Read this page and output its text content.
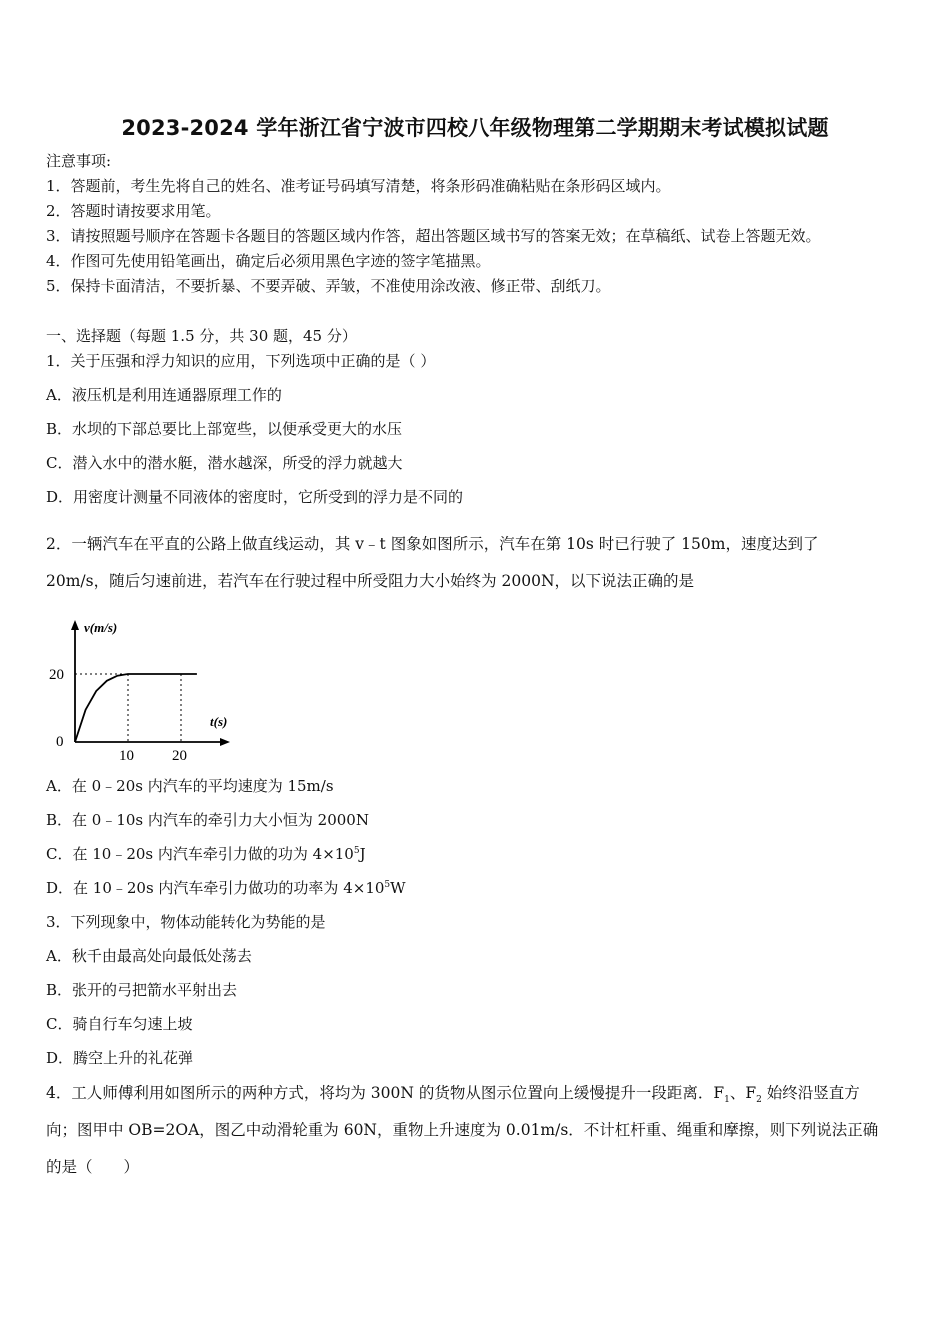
2023-2024 学年浙江省宁波市四校八年级物理第二学期期末考试模拟试题
注意事项:
1．答题前，考生先将自己的姓名、准考证号码填写清楚，将条形码准确粘贴在条形码区域内。
2．答题时请按要求用笔。
3．请按照题号顺序在答题卡各题目的答题区域内作答，超出答题区域书写的答案无效；在草稿纸、试卷上答题无效。
4．作图可先使用铅笔画出，确定后必须用黑色字迹的签字笔描黑。
5．保持卡面清洁，不要折暴、不要弄破、弄皱，不准使用涂改液、修正带、刮纸刀。
一、选择题（每题 1.5 分，共 30 题，45 分）
1．关于压强和浮力知识的应用，下列选项中正确的是（ ）
A．液压机是利用连通器原理工作的
B．水坝的下部总要比上部宽些，以便承受更大的水压
C．潜入水中的潜水艇，潜水越深，所受的浮力就越大
D．用密度计测量不同液体的密度时，它所受到的浮力是不同的
2．一辆汽车在平直的公路上做直线运动，其 v﹣t 图象如图所示，汽车在第 10s 时已行驶了 150m，速度达到了
20m/s，随后匀速前进，若汽车在行驶过程中所受阻力大小始终为 2000N，以下说法正确的是
v(m/s)
t(s)
0
10	20
20
A．在 0﹣20s 内汽车的平均速度为 15m/s
B．在 0﹣10s 内汽车的牵引力大小恒为 2000N
C．在 10﹣20s 内汽车牵引力做的功为 $4\times 10^5J$
D．在 10﹣20s 内汽车牵引力做功的功率为 $4\times 10^5W$
3．下列现象中，物体动能转化为势能的是
A．秋千由最高处向最低处荡去
B．张开的弓把箭水平射出去
C．骑自行车匀速上坡
D．腾空上升的礼花弹
4．工人师傅利用如图所示的两种方式，将均为 300N 的货物从图示位置向上缓慢提升一段距离．$F_1$、$F_2$ 始终沿竖直方
向；图甲中 OB=2OA，图乙中动滑轮重为 60N，重物上升速度为 0.01m/s．不计杠杆重、绳重和摩擦，则下列说法正确
的是（　　）
